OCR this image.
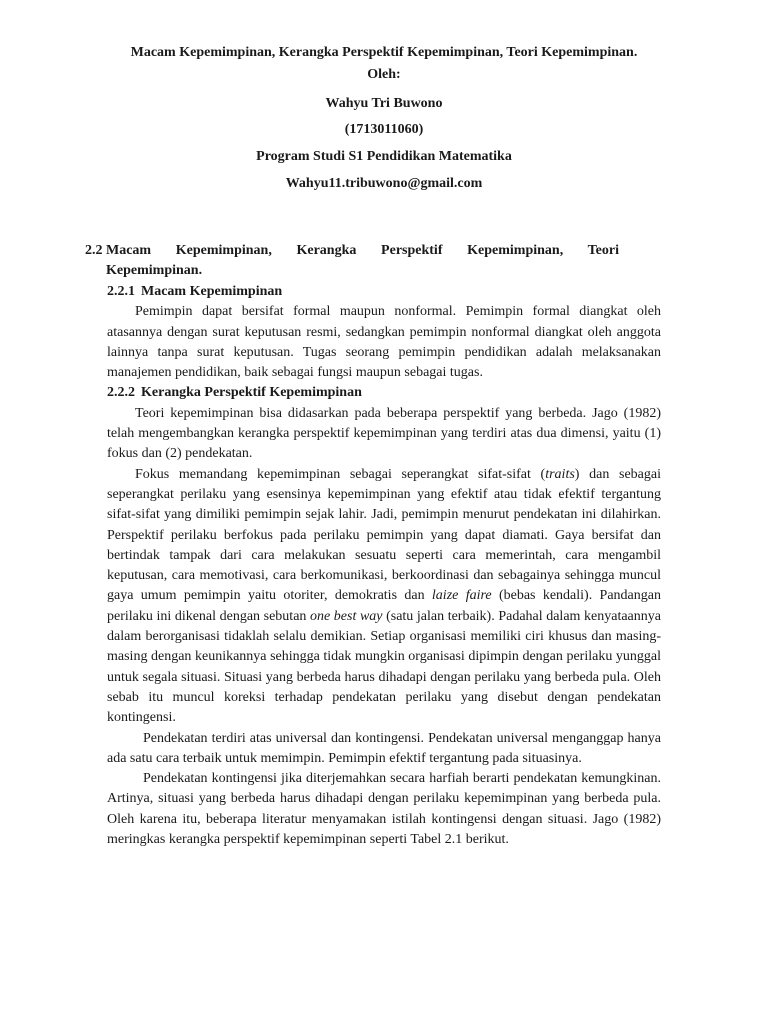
Macam Kepemimpinan, Kerangka Perspektif Kepemimpinan, Teori Kepemimpinan.
Oleh:
Wahyu Tri Buwono
(1713011060)
Program Studi S1 Pendidikan Matematika
Wahyu11.tribuwono@gmail.com
2.2 Macam Kepemimpinan, Kerangka Perspektif Kepemimpinan, Teori
Kepemimpinan.
2.2.1 Macam Kepemimpinan

Pemimpin dapat bersifat formal maupun nonformal. Pemimpin formal diangkat oleh atasannya dengan surat keputusan resmi, sedangkan pemimpin nonformal diangkat oleh anggota lainnya tanpa surat keputusan. Tugas seorang pemimpin pendidikan adalah melaksanakan manajemen pendidikan, baik sebagai fungsi maupun sebagai tugas.

2.2.2 Kerangka Perspektif Kepemimpinan

Teori kepemimpinan bisa didasarkan pada beberapa perspektif yang berbeda. Jago (1982) telah mengembangkan kerangka perspektif kepemimpinan yang terdiri atas dua dimensi, yaitu (1) fokus dan (2) pendekatan.

Fokus memandang kepemimpinan sebagai seperangkat sifat-sifat (traits) dan sebagai seperangkat perilaku yang esensinya kepemimpinan yang efektif atau tidak efektif tergantung sifat-sifat yang dimiliki pemimpin sejak lahir. Jadi, pemimpin menurut pendekatan ini dilahirkan. Perspektif perilaku berfokus pada perilaku pemimpin yang dapat diamati. Gaya bersifat dan bertindak tampak dari cara melakukan sesuatu seperti cara memerintah, cara mengambil keputusan, cara memotivasi, cara berkomunikasi, berkoordinasi dan sebagainya sehingga muncul gaya umum pemimpin yaitu otoriter, demokratis dan laize faire (bebas kendali). Pandangan perilaku ini dikenal dengan sebutan one best way (satu jalan terbaik). Padahal dalam kenyataannya dalam berorganisasi tidaklah selalu demikian. Setiap organisasi memiliki ciri khusus dan masing-masing dengan keunikannya sehingga tidak mungkin organisasi dipimpin dengan perilaku yunggal untuk segala situasi. Situasi yang berbeda harus dihadapi dengan perilaku yang berbeda pula. Oleh sebab itu muncul koreksi terhadap pendekatan perilaku yang disebut dengan pendekatan kontingensi.

Pendekatan terdiri atas universal dan kontingensi. Pendekatan universal menganggap hanya ada satu cara terbaik untuk memimpin. Pemimpin efektif tergantung pada situasinya.

Pendekatan kontingensi jika diterjemahkan secara harfiah berarti pendekatan kemungkinan. Artinya, situasi yang berbeda harus dihadapi dengan perilaku kepemimpinan yang berbeda pula. Oleh karena itu, beberapa literatur menyamakan istilah kontingensi dengan situasi. Jago (1982) meringkas kerangka perspektif kepemimpinan seperti Tabel 2.1 berikut.
